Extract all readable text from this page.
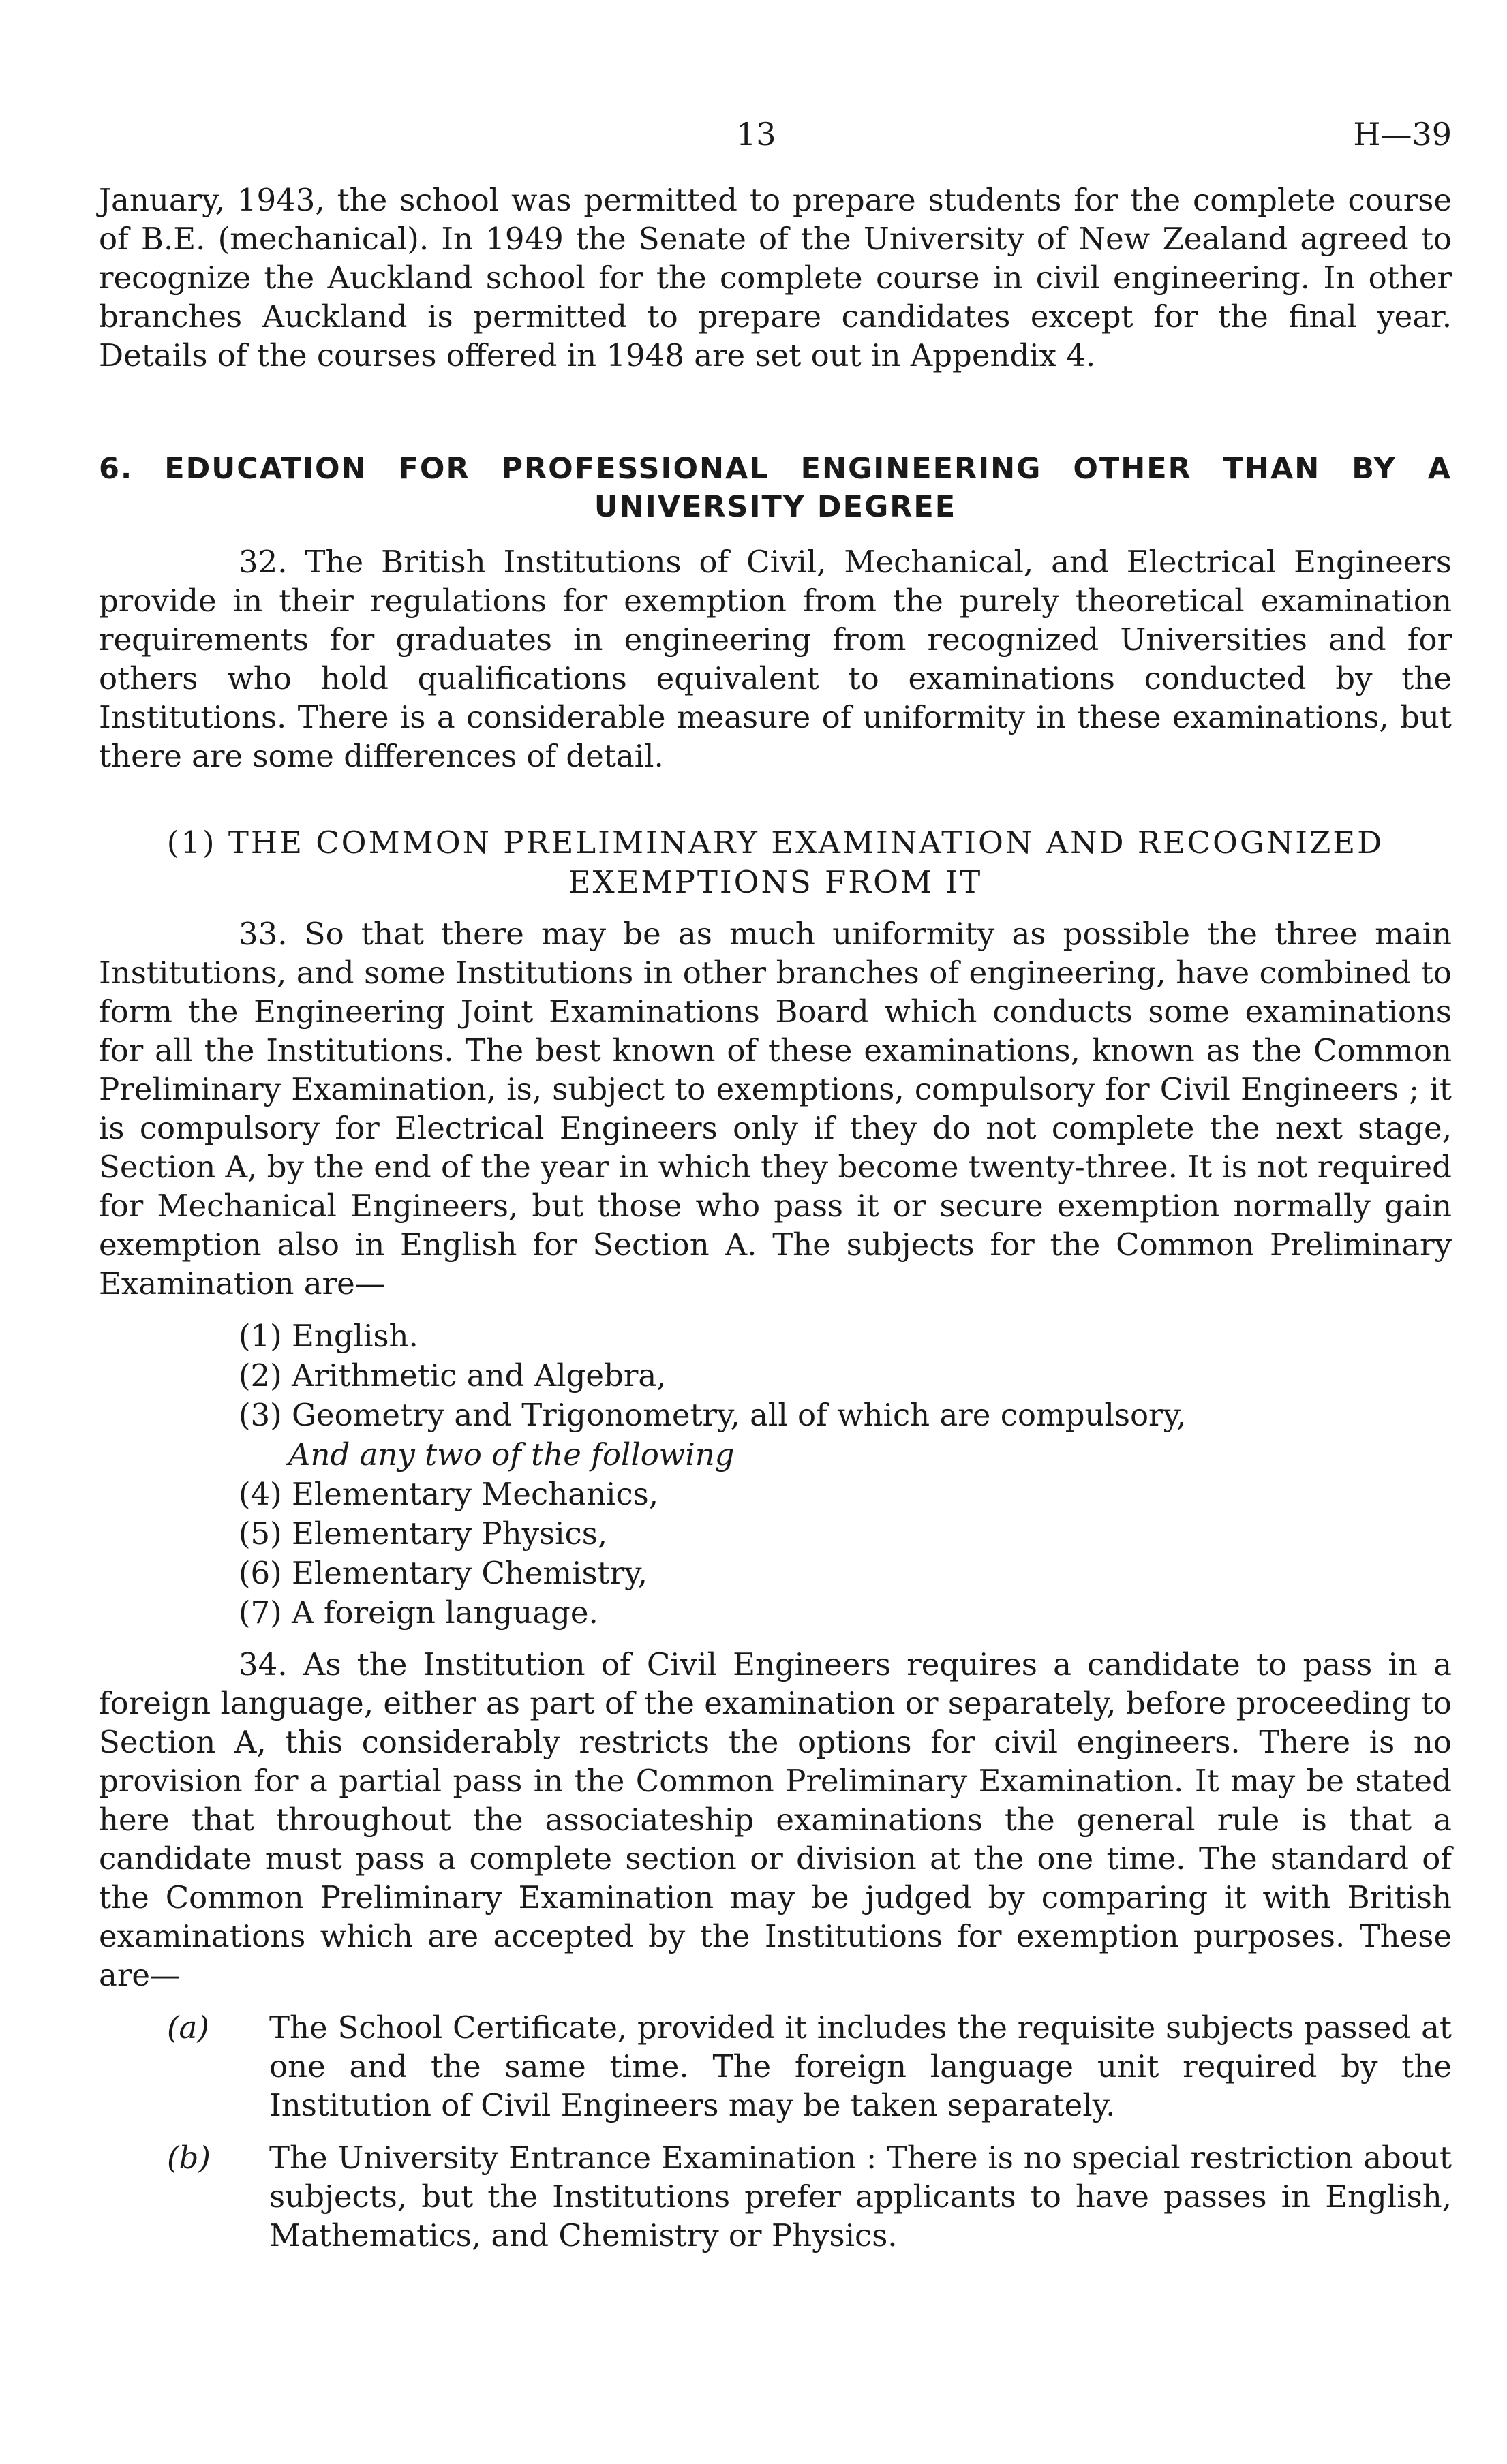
13	H—39

January, 1943, the school was permitted to prepare students for the complete course of B.E. (mechanical). In 1949 the Senate of the University of New Zealand agreed to recognize the Auckland school for the complete course in civil engineering. In other branches Auckland is permitted to prepare candidates except for the final year. Details of the courses offered in 1948 are set out in Appendix 4.

6. EDUCATION FOR PROFESSIONAL ENGINEERING OTHER THAN BY A UNIVERSITY DEGREE

32. The British Institutions of Civil, Mechanical, and Electrical Engineers provide in their regulations for exemption from the purely theoretical examination requirements for graduates in engineering from recognized Universities and for others who hold qualifications equivalent to examinations conducted by the Institutions. There is a considerable measure of uniformity in these examinations, but there are some differences of detail.

(1) THE COMMON PRELIMINARY EXAMINATION AND RECOGNIZED EXEMPTIONS FROM IT

33. So that there may be as much uniformity as possible the three main Institutions, and some Institutions in other branches of engineering, have combined to form the Engineering Joint Examinations Board which conducts some examinations for all the Institutions. The best known of these examinations, known as the Common Preliminary Examination, is, subject to exemptions, compulsory for Civil Engineers ; it is compulsory for Electrical Engineers only if they do not complete the next stage, Section A, by the end of the year in which they become twenty-three. It is not required for Mechanical Engineers, but those who pass it or secure exemption normally gain exemption also in English for Section A. The subjects for the Common Preliminary Examination are—

(1) English.
(2) Arithmetic and Algebra,
(3) Geometry and Trigonometry, all of which are compulsory,
And any two of the following
(4) Elementary Mechanics,
(5) Elementary Physics,
(6) Elementary Chemistry,
(7) A foreign language.

34. As the Institution of Civil Engineers requires a candidate to pass in a foreign language, either as part of the examination or separately, before proceeding to Section A, this considerably restricts the options for civil engineers. There is no provision for a partial pass in the Common Preliminary Examination. It may be stated here that throughout the associateship examinations the general rule is that a candidate must pass a complete section or division at the one time. The standard of the Common Preliminary Examination may be judged by comparing it with British examinations which are accepted by the Institutions for exemption purposes. These are—

(a) The School Certificate, provided it includes the requisite subjects passed at one and the same time. The foreign language unit required by the Institution of Civil Engineers may be taken separately.
(b) The University Entrance Examination : There is no special restriction about subjects, but the Institutions prefer applicants to have passes in English, Mathematics, and Chemistry or Physics.
